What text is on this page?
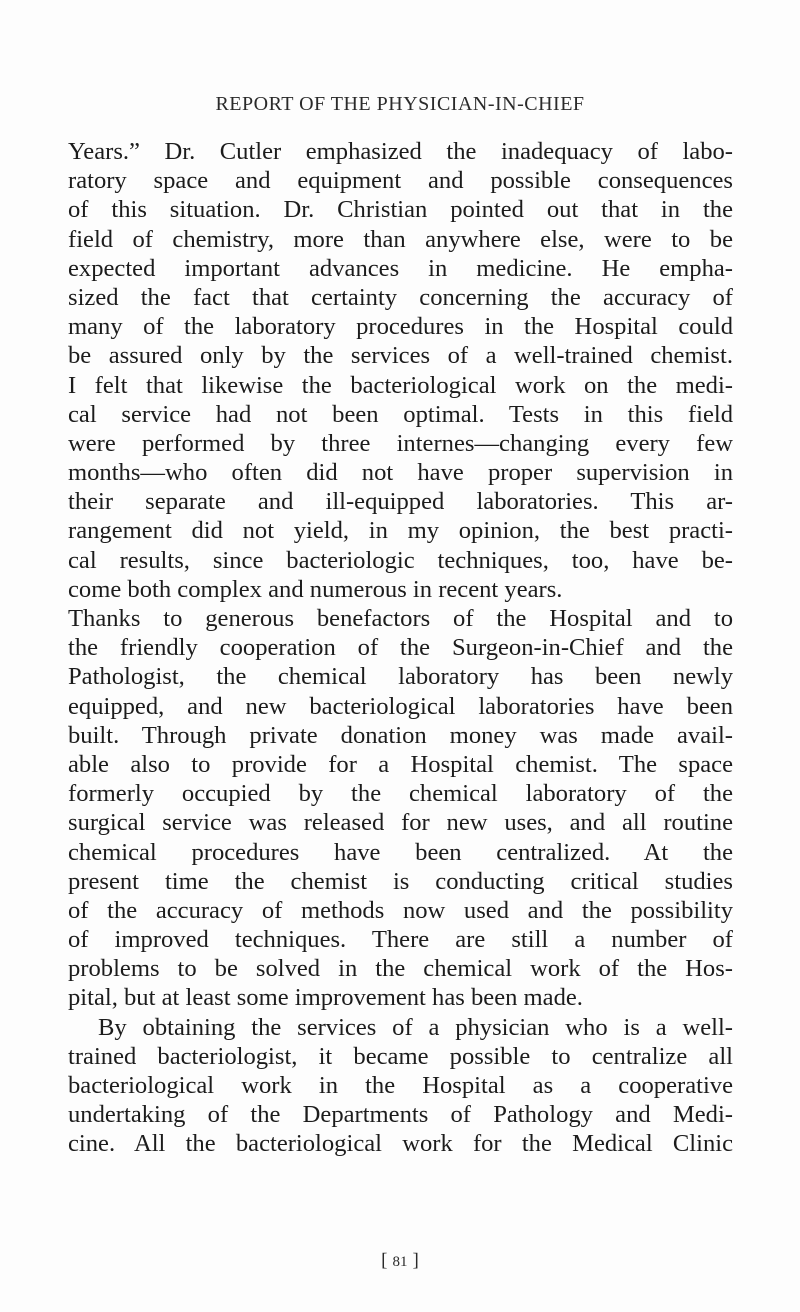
REPORT OF THE PHYSICIAN-IN-CHIEF
Years.” Dr. Cutler emphasized the inadequacy of labo-
ratory space and equipment and possible consequences
of this situation. Dr. Christian pointed out that in the
field of chemistry, more than anywhere else, were to be
expected important advances in medicine. He empha-
sized the fact that certainty concerning the accuracy of
many of the laboratory procedures in the Hospital could
be assured only by the services of a well-trained chemist.
I felt that likewise the bacteriological work on the medi-
cal service had not been optimal. Tests in this field
were performed by three internes—changing every few
months—who often did not have proper supervision in
their separate and ill-equipped laboratories. This ar-
rangement did not yield, in my opinion, the best practi-
cal results, since bacteriologic techniques, too, have be-
come both complex and numerous in recent years.
Thanks to generous benefactors of the Hospital and to
the friendly cooperation of the Surgeon-in-Chief and the
Pathologist, the chemical laboratory has been newly
equipped, and new bacteriological laboratories have been
built. Through private donation money was made avail-
able also to provide for a Hospital chemist. The space
formerly occupied by the chemical laboratory of the
surgical service was released for new uses, and all routine
chemical procedures have been centralized. At the
present time the chemist is conducting critical studies
of the accuracy of methods now used and the possibility
of improved techniques. There are still a number of
problems to be solved in the chemical work of the Hos-
pital, but at least some improvement has been made.
By obtaining the services of a physician who is a well-
trained bacteriologist, it became possible to centralize all
bacteriological work in the Hospital as a cooperative
undertaking of the Departments of Pathology and Medi-
cine. All the bacteriological work for the Medical Clinic
[ 81 ]
